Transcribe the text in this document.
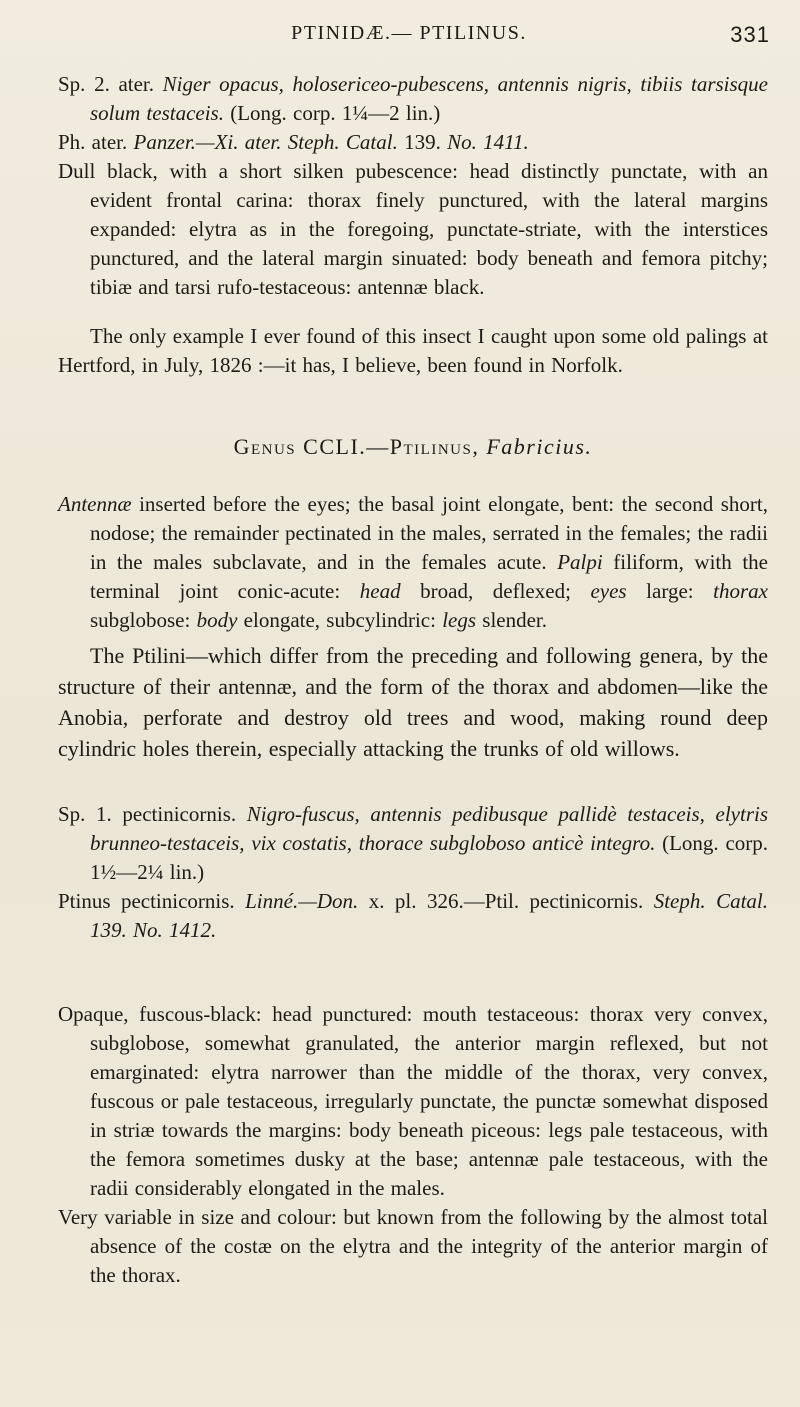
PTINIDÆ.— PTILINUS.	331

Sp. 2. ater. Niger opacus, holosericeo-pubescens, antennis nigris, tibiis tarsisque solum testaceis. (Long. corp. 1¼—2 lin.)

Ph. ater. Panzer.—Xi. ater. Steph. Catal. 139. No. 1411.

Dull black, with a short silken pubescence: head distinctly punctate, with an evident frontal carina: thorax finely punctured, with the lateral margins expanded: elytra as in the foregoing, punctate-striate, with the interstices punctured, and the lateral margin sinuated: body beneath and femora pitchy; tibiæ and tarsi rufo-testaceous: antennæ black.

The only example I ever found of this insect I caught upon some old palings at Hertford, in July, 1826 :—it has, I believe, been found in Norfolk.

Genus CCLI.—Ptilinus, Fabricius.

Antennæ inserted before the eyes; the basal joint elongate, bent: the second short, nodose; the remainder pectinated in the males, serrated in the females; the radii in the males subclavate, and in the females acute. Palpi filiform, with the terminal joint conic-acute: head broad, deflexed; eyes large: thorax subglobose: body elongate, subcylindric: legs slender.

The Ptilini—which differ from the preceding and following genera, by the structure of their antennæ, and the form of the thorax and abdomen—like the Anobia, perforate and destroy old trees and wood, making round deep cylindric holes therein, especially attacking the trunks of old willows.

Sp. 1. pectinicornis. Nigro-fuscus, antennis pedibusque pallidè testaceis, elytris brunneo-testaceis, vix costatis, thorace subgloboso anticè integro. (Long. corp. 1½—2¼ lin.)

Ptinus pectinicornis. Linné.—Don. x. pl. 326.—Ptil. pectinicornis. Steph. Catal. 139. No. 1412.

Opaque, fuscous-black: head punctured: mouth testaceous: thorax very convex, subglobose, somewhat granulated, the anterior margin reflexed, but not emarginated: elytra narrower than the middle of the thorax, very convex, fuscous or pale testaceous, irregularly punctate, the punctæ somewhat disposed in striæ towards the margins: body beneath piceous: legs pale testaceous, with the femora sometimes dusky at the base; antennæ pale testaceous, with the radii considerably elongated in the males.

Very variable in size and colour: but known from the following by the almost total absence of the costæ on the elytra and the integrity of the anterior margin of the thorax.
